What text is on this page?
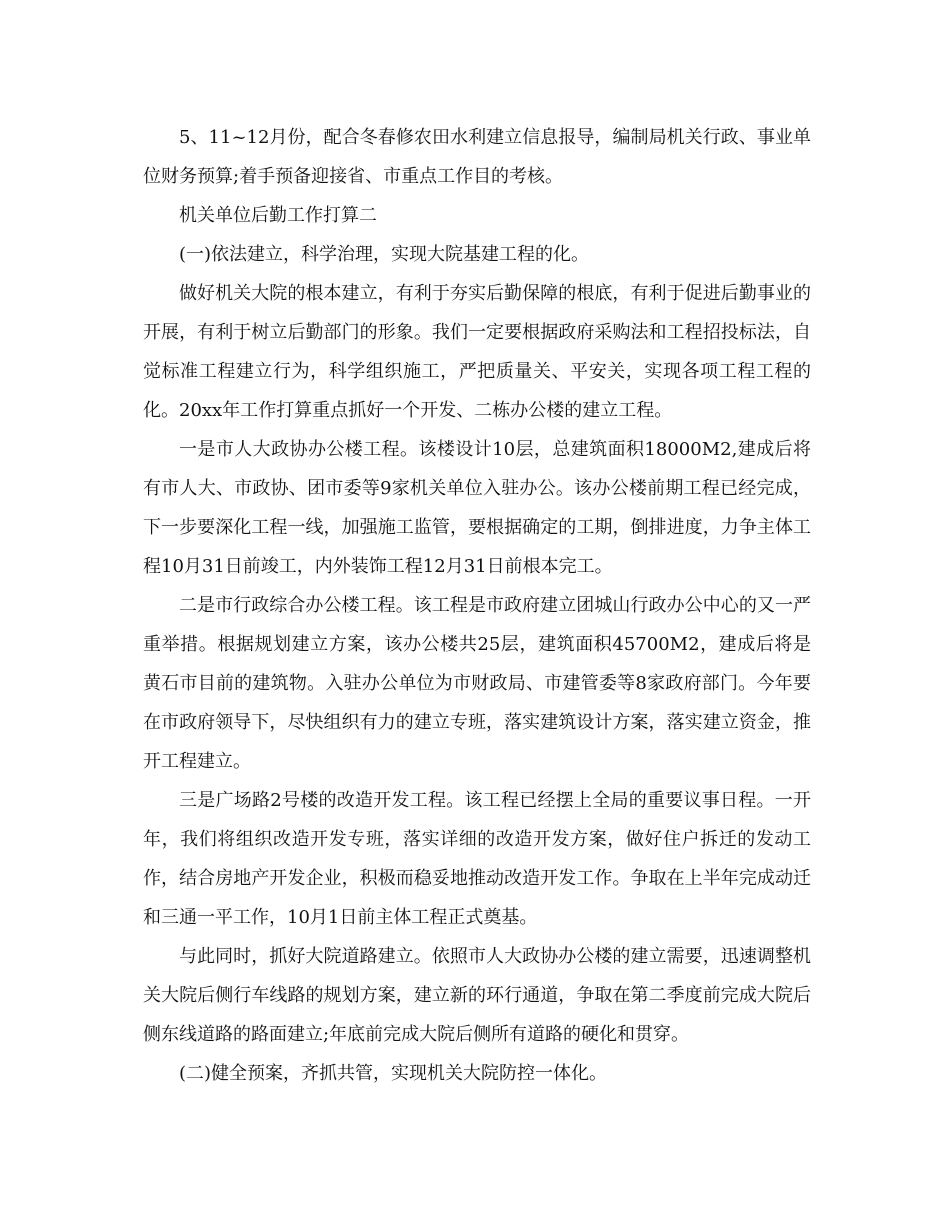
5、11~12月份，配合冬春修农田水利建立信息报导，编制局机关行政、事业单位财务预算;着手预备迎接省、市重点工作目的考核。

机关单位后勤工作打算二

(一)依法建立，科学治理，实现大院基建工程的化。

做好机关大院的根本建立，有利于夯实后勤保障的根底，有利于促进后勤事业的开展，有利于树立后勤部门的形象。我们一定要根据政府采购法和工程招投标法，自觉标准工程建立行为，科学组织施工，严把质量关、平安关，实现各项工程工程的化。20xx年工作打算重点抓好一个开发、二栋办公楼的建立工程。

一是市人大政协办公楼工程。该楼设计10层，总建筑面积18000M2,建成后将有市人大、市政协、团市委等9家机关单位入驻办公。该办公楼前期工程已经完成，下一步要深化工程一线，加强施工监管，要根据确定的工期，倒排进度，力争主体工程10月31日前竣工，内外装饰工程12月31日前根本完工。

二是市行政综合办公楼工程。该工程是市政府建立团城山行政办公中心的又一严重举措。根据规划建立方案，该办公楼共25层，建筑面积45700M2，建成后将是黄石市目前的建筑物。入驻办公单位为市财政局、市建管委等8家政府部门。今年要在市政府领导下，尽快组织有力的建立专班，落实建筑设计方案，落实建立资金，推开工程建立。

三是广场路2号楼的改造开发工程。该工程已经摆上全局的重要议事日程。一开年，我们将组织改造开发专班，落实详细的改造开发方案，做好住户拆迁的发动工作，结合房地产开发企业，积极而稳妥地推动改造开发工作。争取在上半年完成动迁和三通一平工作，10月1日前主体工程正式奠基。

与此同时，抓好大院道路建立。依照市人大政协办公楼的建立需要，迅速调整机关大院后侧行车线路的规划方案，建立新的环行通道，争取在第二季度前完成大院后侧东线道路的路面建立;年底前完成大院后侧所有道路的硬化和贯穿。

(二)健全预案，齐抓共管，实现机关大院防控一体化。
